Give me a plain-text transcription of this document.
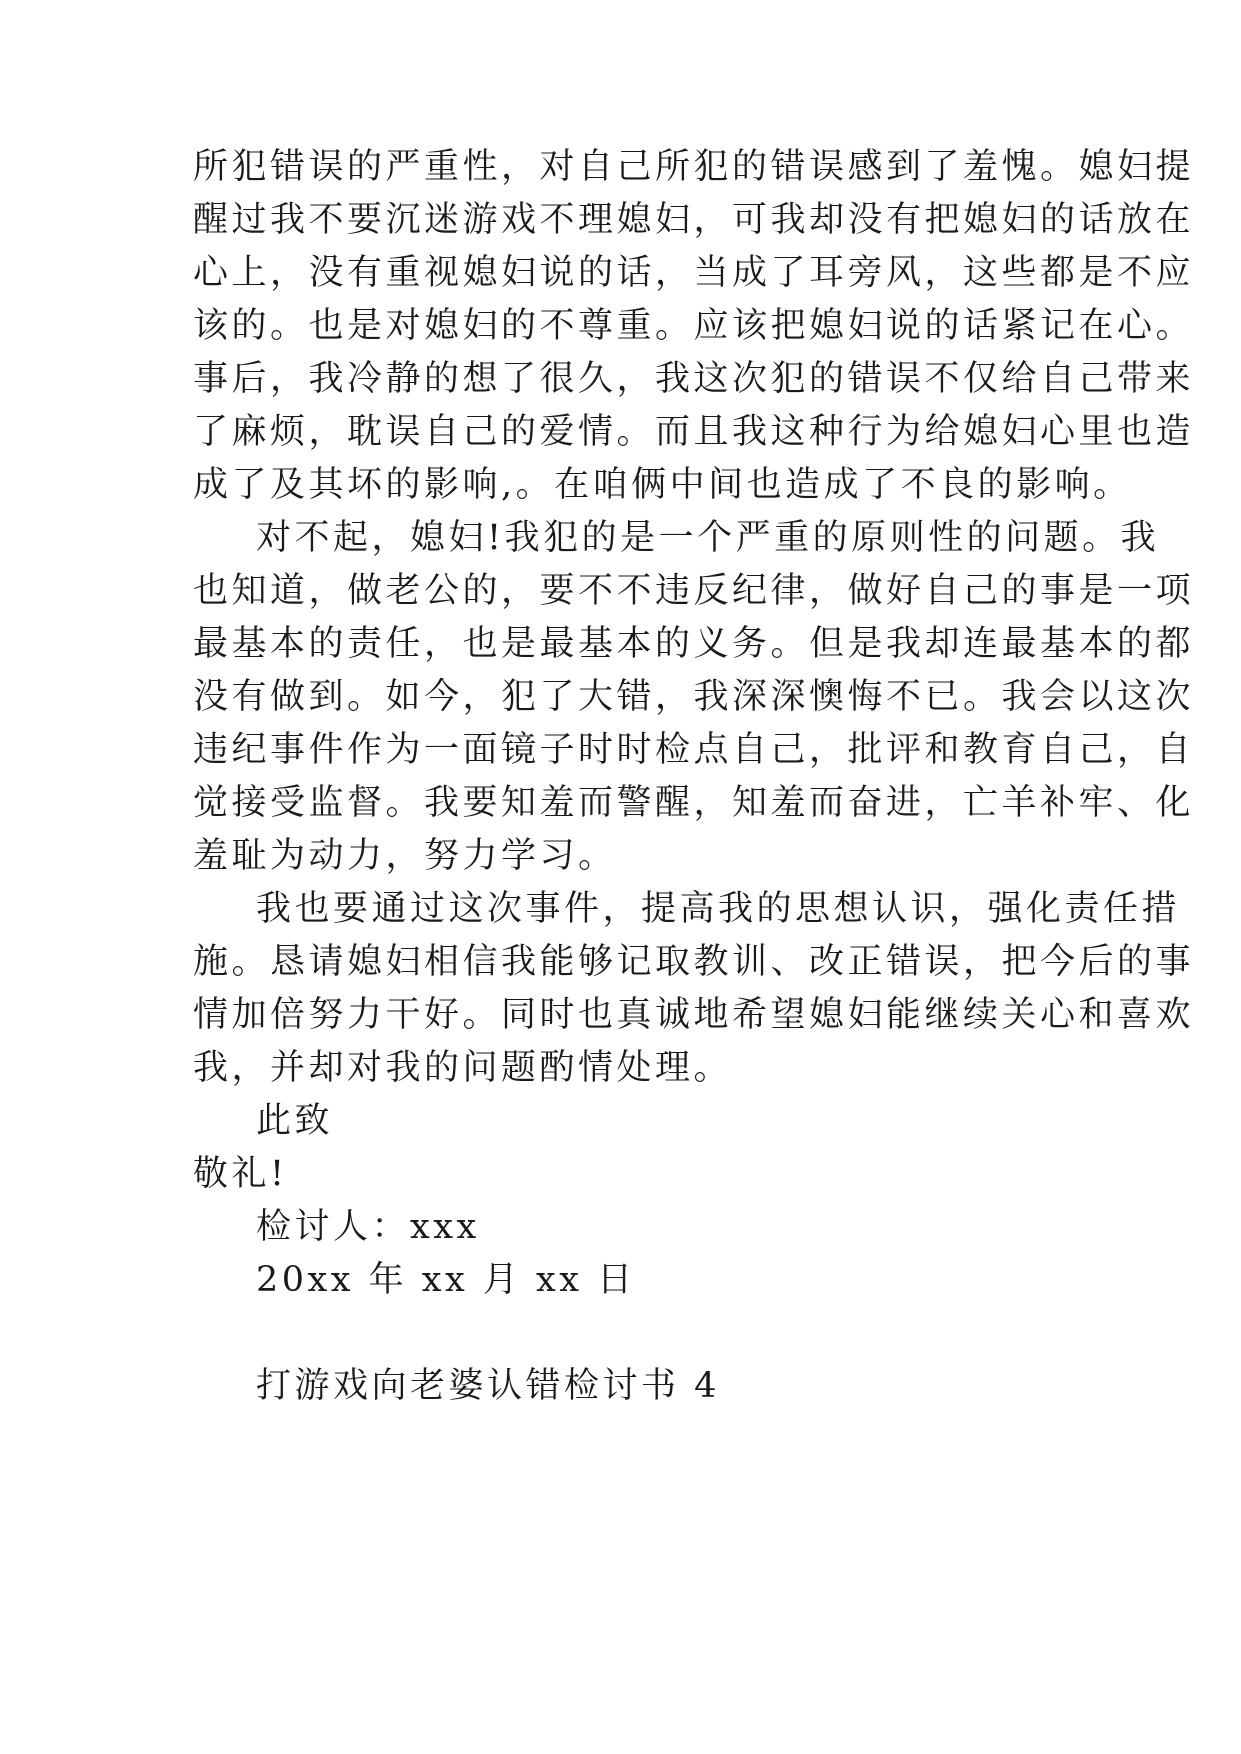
所犯错误的严重性，对自己所犯的错误感到了羞愧。媳妇提
醒过我不要沉迷游戏不理媳妇，可我却没有把媳妇的话放在
心上，没有重视媳妇说的话，当成了耳旁风，这些都是不应
该的。也是对媳妇的不尊重。应该把媳妇说的话紧记在心。
事后，我冷静的想了很久，我这次犯的错误不仅给自己带来
了麻烦，耽误自己的爱情。而且我这种行为给媳妇心里也造
成了及其坏的影响,。在咱俩中间也造成了不良的影响。
对不起，媳妇!我犯的是一个严重的原则性的问题。我
也知道，做老公的，要不不违反纪律，做好自己的事是一项
最基本的责任，也是最基本的义务。但是我却连最基本的都
没有做到。如今，犯了大错，我深深懊悔不已。我会以这次
违纪事件作为一面镜子时时检点自己，批评和教育自己，自
觉接受监督。我要知羞而警醒，知羞而奋进，亡羊补牢、化
羞耻为动力，努力学习。
我也要通过这次事件，提高我的思想认识，强化责任措
施。恳请媳妇相信我能够记取教训、改正错误，把今后的事
情加倍努力干好。同时也真诚地希望媳妇能继续关心和喜欢
我，并却对我的问题酌情处理。
此致
敬礼!
检讨人：xxx
20xx 年 xx 月 xx 日
打游戏向老婆认错检讨书 4
